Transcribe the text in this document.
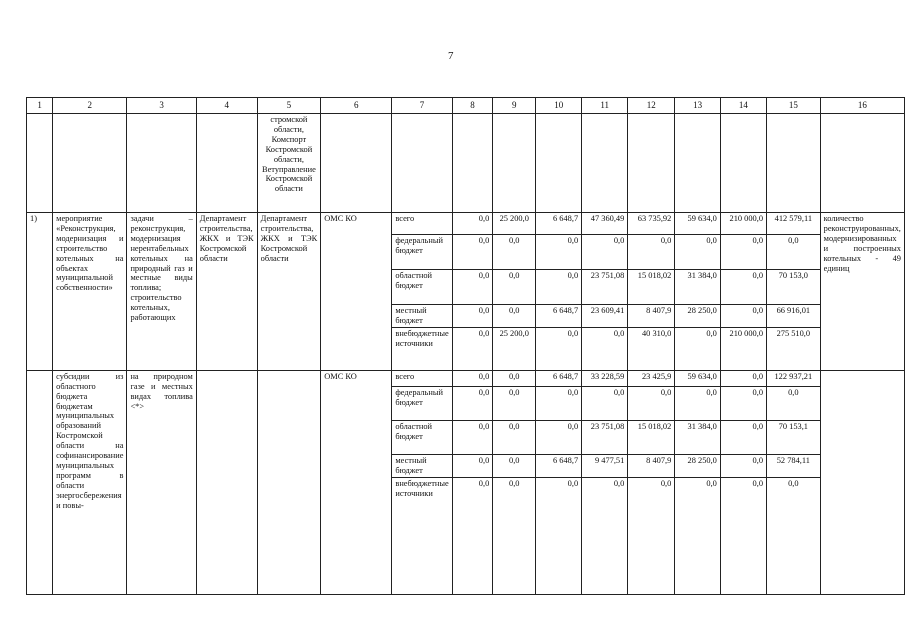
7
1	2	3	4	5	6	7	8	9	10	11	12	13	14	15	16
				стромской области, Комспорт Костромской области, Ветуправление Костромской области											

1)	мероприятие «Реконструкция, модернизация и строительство котельных на объектах муниципальной собственности»	задачи – реконструкция, модернизация нерентабельных котельных на природный газ и местные виды топлива; строительство котельных, работающих	Департамент строительства, ЖКХ и ТЭК Костромской области	Департамент строительства, ЖКХ и ТЭК Костромской области	ОМС КО	всего	0,0	25 200,0	6 648,7	47 360,49	63 735,92	59 634,0	210 000,0	412 579,11	количество реконструированных, модернизированных и построенных котельных - 49 единиц
						федеральный бюджет	0,0	0,0	0,0	0,0	0,0	0,0	0,0	0,0	
						областной бюджет	0,0	0,0	0,0	23 751,08	15 018,02	31 384,0	0,0	70 153,0	
						местный бюджет	0,0	0,0	6 648,7	23 609,41	8 407,9	28 250,0	0,0	66 916,01	
						внебюджетные источники	0,0	25 200,0	0,0	0,0	40 310,0	0,0	210 000,0	275 510,0	

	субсидии из областного бюджета бюджетам муниципальных образований Костромской области на софинансирование муниципальных программ в области энергосбережения и повы-	на природном газе и местных видах топлива <*>			ОМС КО	всего	0,0	0,0	6 648,7	33 228,59	23 425,9	59 634,0	0,0	122 937,21	
						федеральный бюджет	0,0	0,0	0,0	0,0	0,0	0,0	0,0	0,0	
						областной бюджет	0,0	0,0	0,0	23 751,08	15 018,02	31 384,0	0,0	70 153,1	
						местный бюджет	0,0	0,0	6 648,7	9 477,51	8 407,9	28 250,0	0,0	52 784,11	
						внебюджетные источники	0,0	0,0	0,0	0,0	0,0	0,0	0,0	0,0	
